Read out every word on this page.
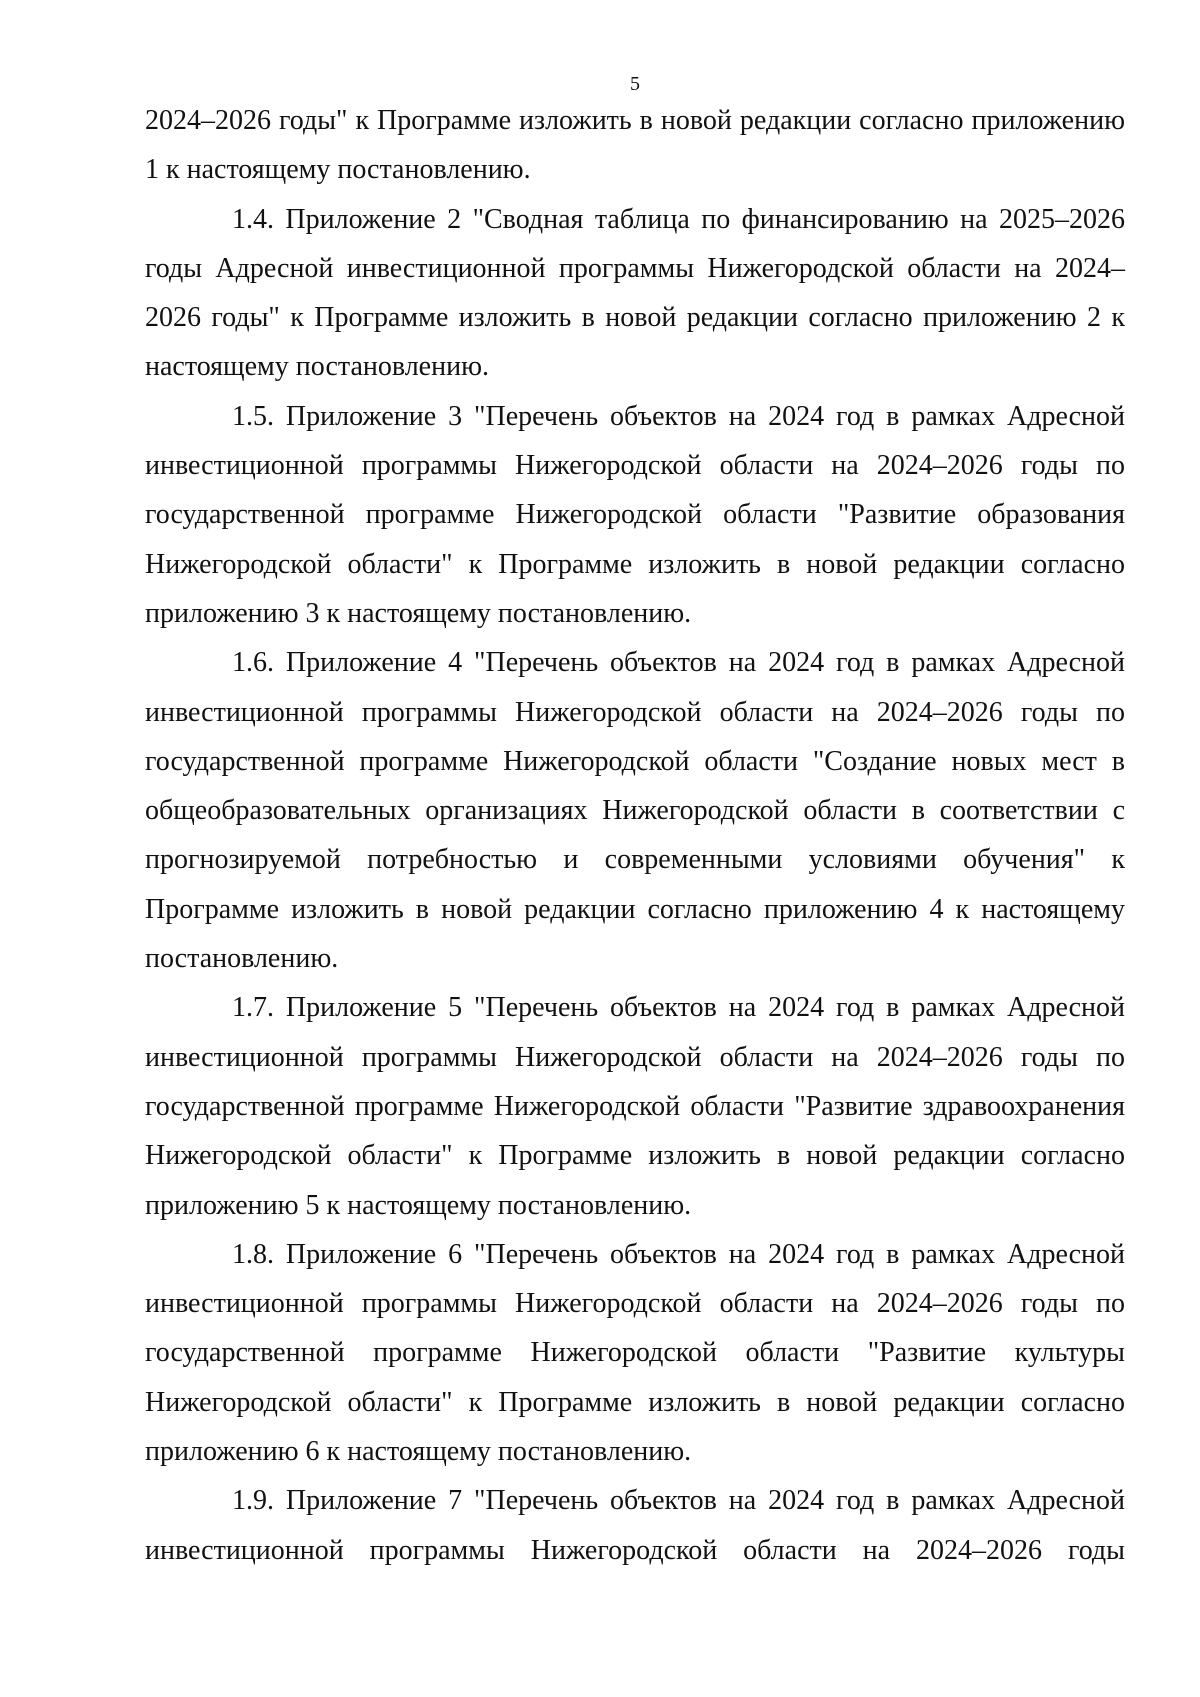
5

2024–2026 годы" к Программе изложить в новой редакции согласно приложению 1 к настоящему постановлению.

1.4. Приложение 2 "Сводная таблица по финансированию на 2025–2026 годы Адресной инвестиционной программы Нижегородской области на 2024–2026 годы" к Программе изложить в новой редакции согласно приложению 2 к настоящему постановлению.

1.5. Приложение 3 "Перечень объектов на 2024 год в рамках Адресной инвестиционной программы Нижегородской области на 2024–2026 годы по государственной программе Нижегородской области "Развитие образования Нижегородской области" к Программе изложить в новой редакции согласно приложению 3 к настоящему постановлению.

1.6. Приложение 4 "Перечень объектов на 2024 год в рамках Адресной инвестиционной программы Нижегородской области на 2024–2026 годы по государственной программе Нижегородской области "Создание новых мест в общеобразовательных организациях Нижегородской области в соответствии с прогнозируемой потребностью и современными условиями обучения" к Программе изложить в новой редакции согласно приложению 4 к настоящему постановлению.

1.7. Приложение 5 "Перечень объектов на 2024 год в рамках Адресной инвестиционной программы Нижегородской области на 2024–2026 годы по государственной программе Нижегородской области "Развитие здравоохранения Нижегородской области" к Программе изложить в новой редакции согласно приложению 5 к настоящему постановлению.

1.8. Приложение 6 "Перечень объектов на 2024 год в рамках Адресной инвестиционной программы Нижегородской области на 2024–2026 годы по государственной программе Нижегородской области "Развитие культуры Нижегородской области" к Программе изложить в новой редакции согласно приложению 6 к настоящему постановлению.

1.9. Приложение 7 "Перечень объектов на 2024 год в рамках Адресной инвестиционной программы Нижегородской области на 2024–2026 годы
